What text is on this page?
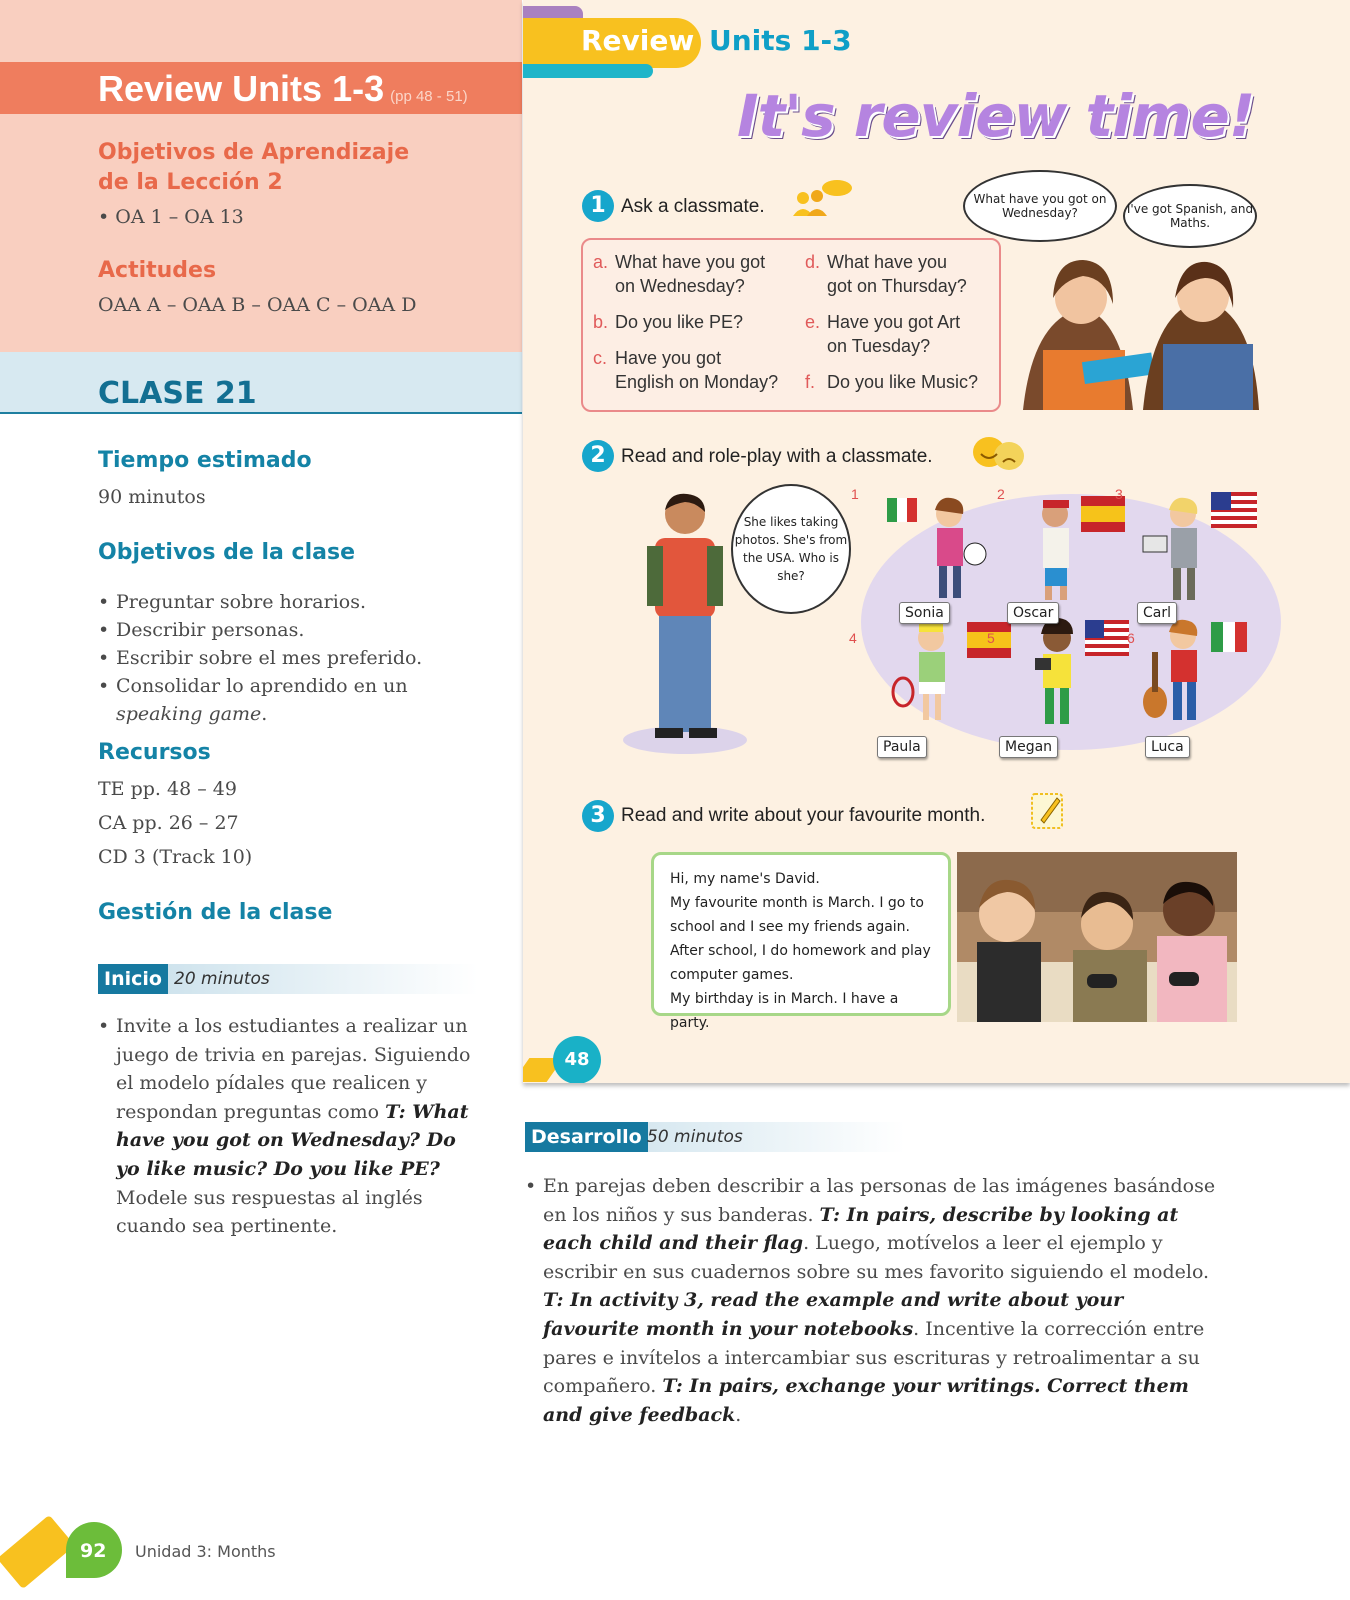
Review Units 1-3 (pp 48 - 51)
Objetivos de Aprendizaje
de la Lección 2
• OA 1 – OA 13
Actitudes
OAA A – OAA B – OAA C – OAA D
CLASE 21
Tiempo estimado
90 minutos
Objetivos de la clase
• Preguntar sobre horarios.
• Describir personas.
• Escribir sobre el mes preferido.
• Consolidar lo aprendido en un speaking game.
Recursos
TE pp. 48 – 49
CA pp. 26 – 27
CD 3 (Track 10)
Gestión de la clase
Inicio 20 minutos

• Invite a los estudiantes a realizar un juego de trivia en parejas. Siguiendo el modelo pídales que realicen y respondan preguntas como T: What have you got on Wednesday? Do yo like music? Do you like PE? Modele sus respuestas al inglés cuando sea pertinente.

Review Units 1-3
It's review time!
1 Ask a classmate.
a. What have you got
on Wednesday?
b. Do you like PE?
c. Have you got
English on Monday?
d. What have you
got on Thursday?
e. Have you got Art
on Tuesday?
f. Do you like Music?
What have you got on Wednesday?	I've got Spanish, and Maths.
2 Read and role-play with a classmate.
She likes taking photos. She's from the USA. Who is she?
1	2	3
4	5	6
Sonia	Oscar	Carl
Paula	Megan	Luca
3 Read and write about your favourite month.
Hi, my name's David.
My favourite month is March. I go to
school and I see my friends again.
After school, I do homework and play
computer games.
My birthday is in March. I have a party.
48
Desarrollo 50 minutos

• En parejas deben describir a las personas de las imágenes basándose en los niños y sus banderas. T: In pairs, describe by looking at each child and their flag. Luego, motívelos a leer el ejemplo y escribir en sus cuadernos sobre su mes favorito siguiendo el modelo. T: In activity 3, read the example and write about your favourite month in your notebooks. Incentive la corrección entre pares e invítelos a intercambiar sus escrituras y retroalimentar a su compañero. T: In pairs, exchange your writings. Correct them and give feedback.

92 Unidad 3: Months
